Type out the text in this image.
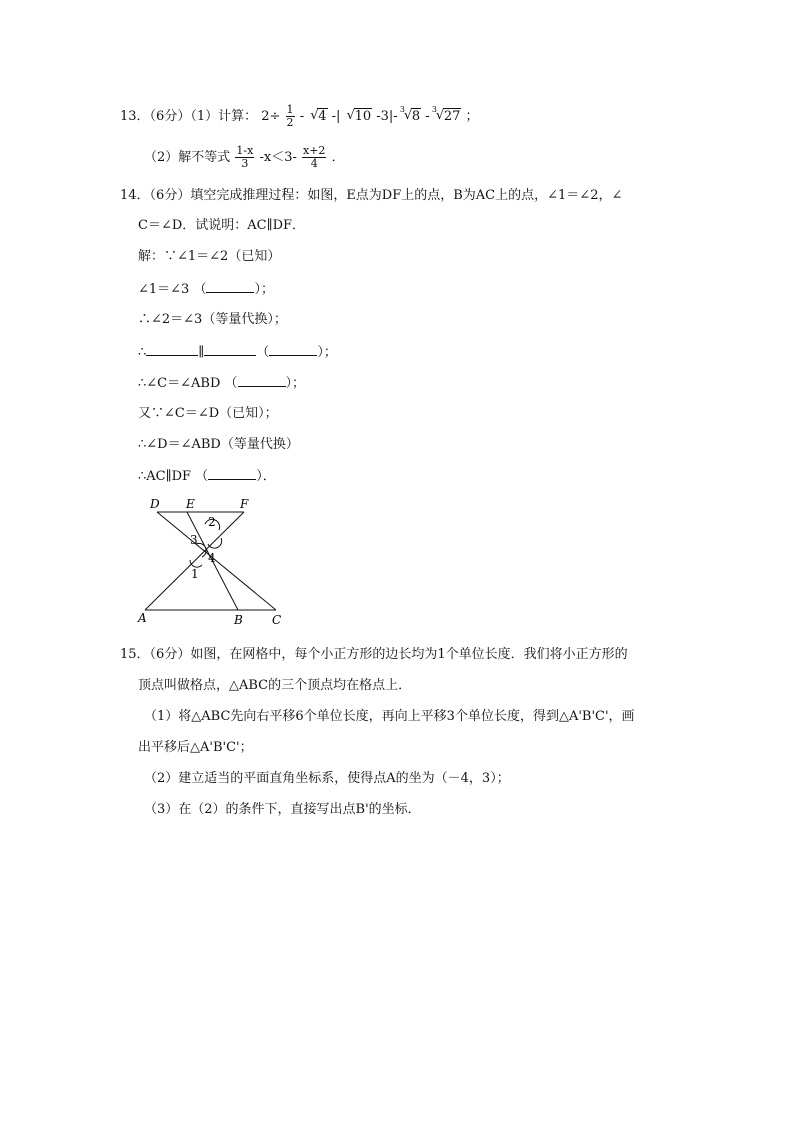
13．（6分）（1）计算： $2\div \frac{1}{2}$ - √ 4 -| √ 10 -3|- 3
√ 8 - 3
√ 27 ；
（2）解不等式 $\frac{1-x}{3} -x<3- \frac{x+2}{4}$ ．
14．（6分）填空完成推理过程：如图，E点为DF上的点，B为AC上的点，∠1＝∠2，∠
C＝∠D．试说明：AC∥DF．
解：∵∠1＝∠2（已知）
∠1＝∠3 （	）；
∴∠2＝∠3（等量代换）；
∴	∥	（	）；
∴∠C＝∠ABD （	）；
又∵∠C＝∠D（已知）；
∴∠D＝∠ABD（等量代换）
∴AC∥DF （	）．
D E	F
A	B C
2
3
4
1
15．（6分）如图，在网格中，每个小正方形的边长均为1个单位长度．我们将小正方形的
顶点叫做格点，△ABC的三个顶点均在格点上．
（1）将△ABC先向右平移6个单位长度，再向上平移3个单位长度，得到△A'B'C'，画
出平移后△A'B'C'；
（2）建立适当的平面直角坐标系，使得点A的坐为（－4，3）；
（3）在（2）的条件下，直接写出点B'的坐标．
